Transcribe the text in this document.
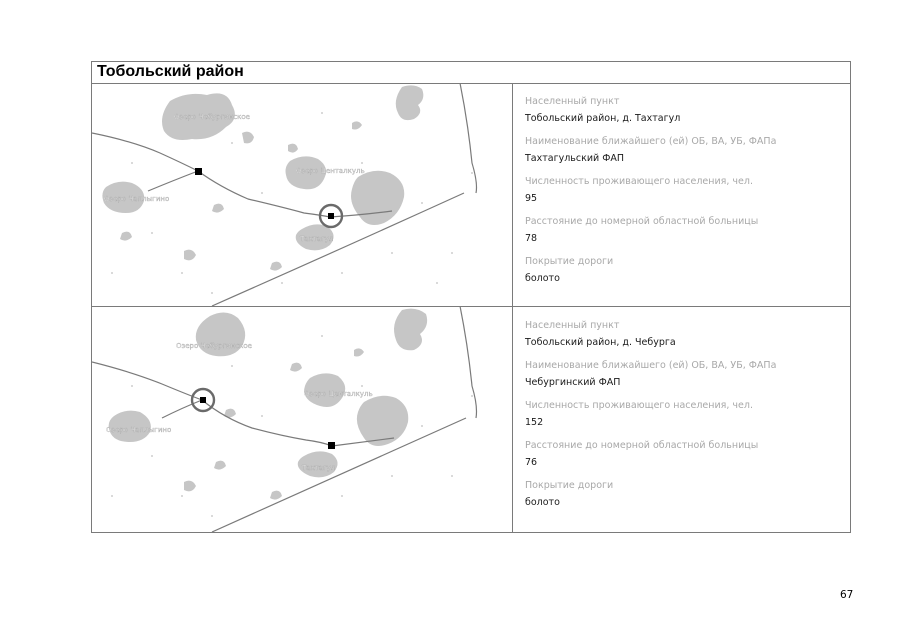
Тобольский район
Озеро Чебургинское
Озеро Чаплыгино
Озеро Центалкуль
Тахтагул
Населенный пункт
Тобольский район, д. Тахтагул
Наименование ближайшего (ей) ОБ, ВА, УБ, ФАПа
Тахтагульский ФАП
Численность проживающего населения, чел.
95
Расстояние до номерной областной больницы
78
Покрытие дороги
болото
Озеро Чебургинское
Озеро Чаплыгино
Озеро Центалкуль
Тахтагул
Населенный пункт
Тобольский район, д. Чебурга
Наименование ближайшего (ей) ОБ, ВА, УБ, ФАПа
Чебургинский ФАП
Численность проживающего населения, чел.
152
Расстояние до номерной областной больницы
76
Покрытие дороги
болото
67
